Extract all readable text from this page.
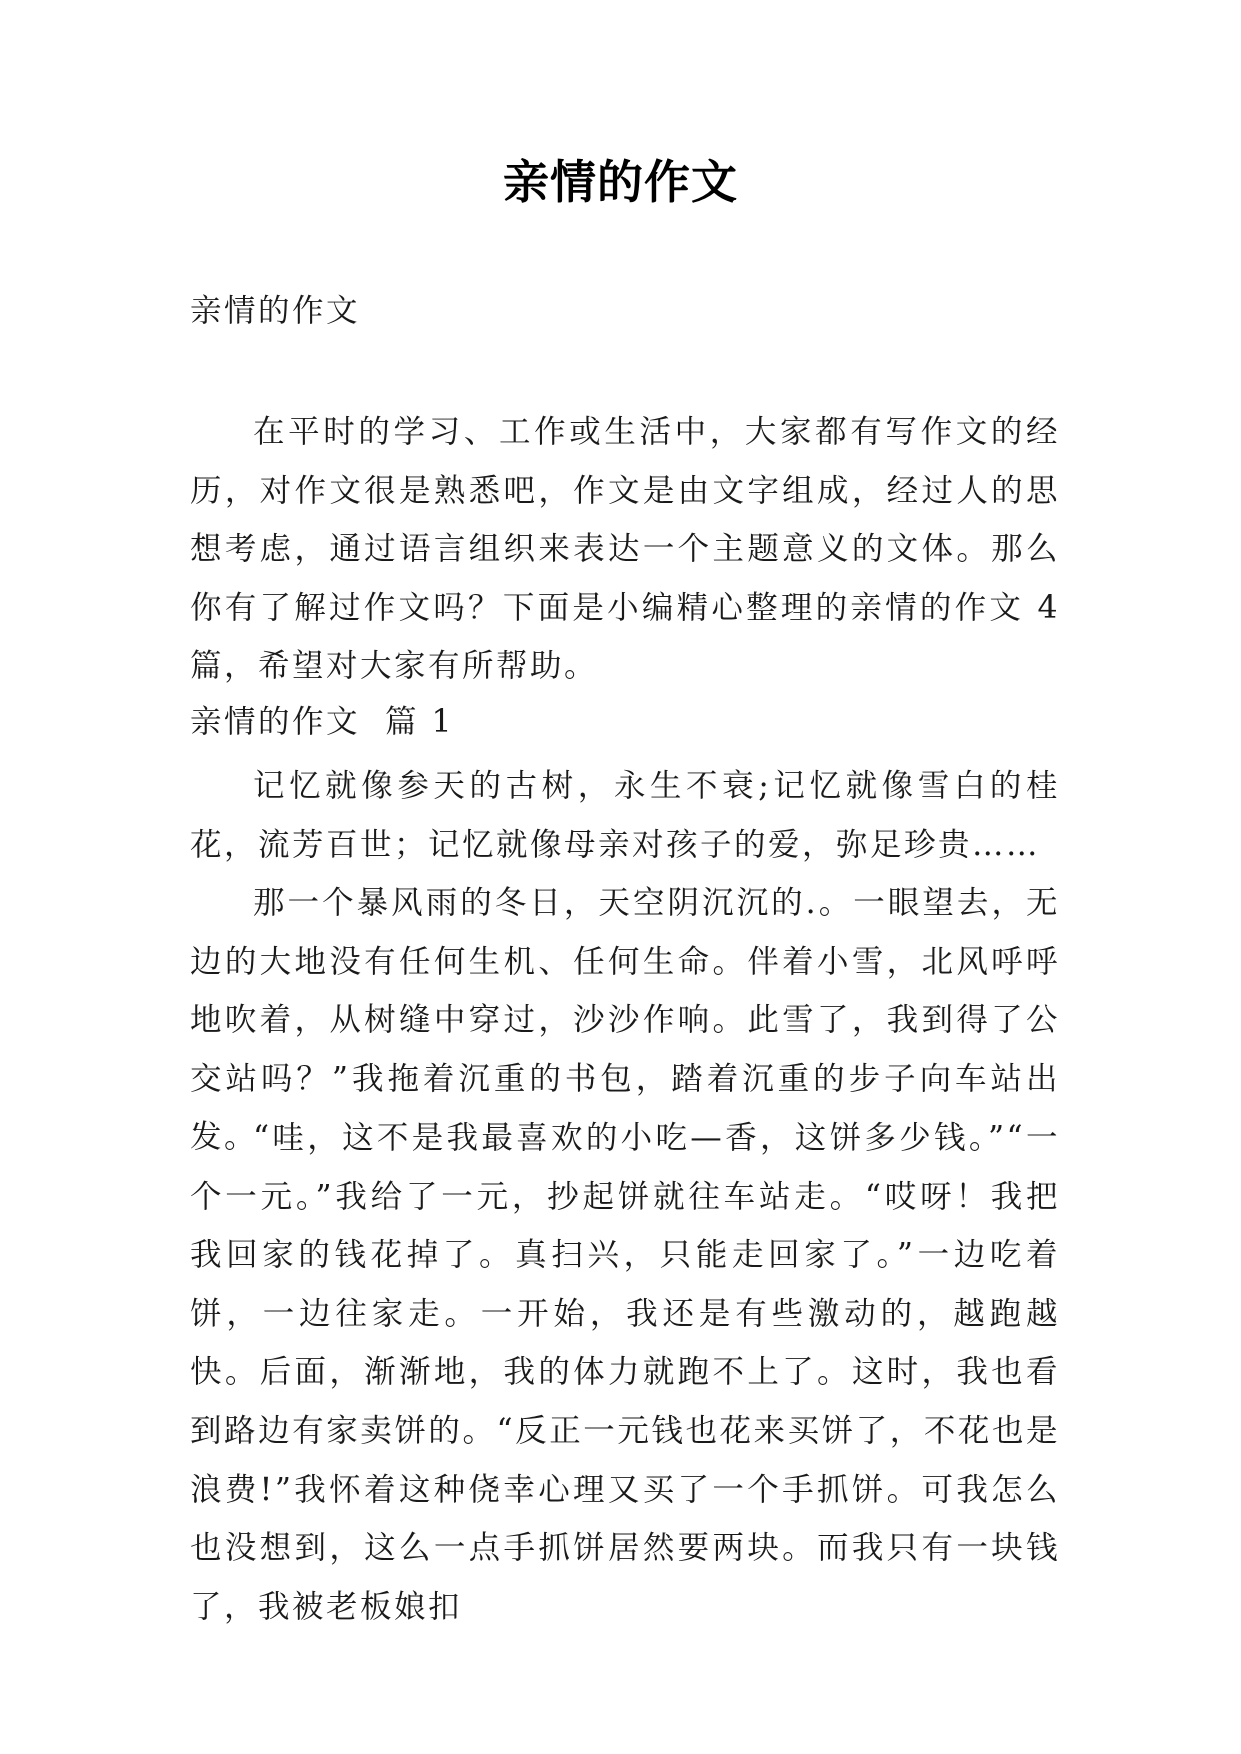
亲情的作文
亲情的作文
在平时的学习、工作或生活中，大家都有写作文的经历，对作文很是熟悉吧，作文是由文字组成，经过人的思想考虑，通过语言组织来表达一个主题意义的文体。那么你有了解过作文吗？下面是小编精心整理的亲情的作文 4 篇，希望对大家有所帮助。
亲情的作文  篇 1
记忆就像参天的古树，永生不衰;记忆就像雪白的桂花，流芳百世；记忆就像母亲对孩子的爱，弥足珍贵……
那一个暴风雨的冬日，天空阴沉沉的.。一眼望去，无边的大地没有任何生机、任何生命。伴着小雪，北风呼呼地吹着，从树缝中穿过，沙沙作响。此雪了，我到得了公交站吗？”我拖着沉重的书包，踏着沉重的步子向车站出发。
“哇，这不是我最喜欢的小吃—香，这饼多少钱。”“一个一元。”我给了一元，抄起饼就往车站走。“哎呀！我把我回家的钱花掉了。真扫兴，只能走回家了。”一边吃着饼，一边往家走。一开始，我还是有些激动的，越跑越快。后面，渐渐地，我的体力就跑不上了。这时，我也看到路边有家卖饼的。“反正一元钱也花来买饼了，不花也是浪费!”我怀着这种侥幸心理又买了一个手抓饼。可我怎么也没想到，这么一点手抓饼居然要两块。而我只有一块钱了，我被老板娘扣
